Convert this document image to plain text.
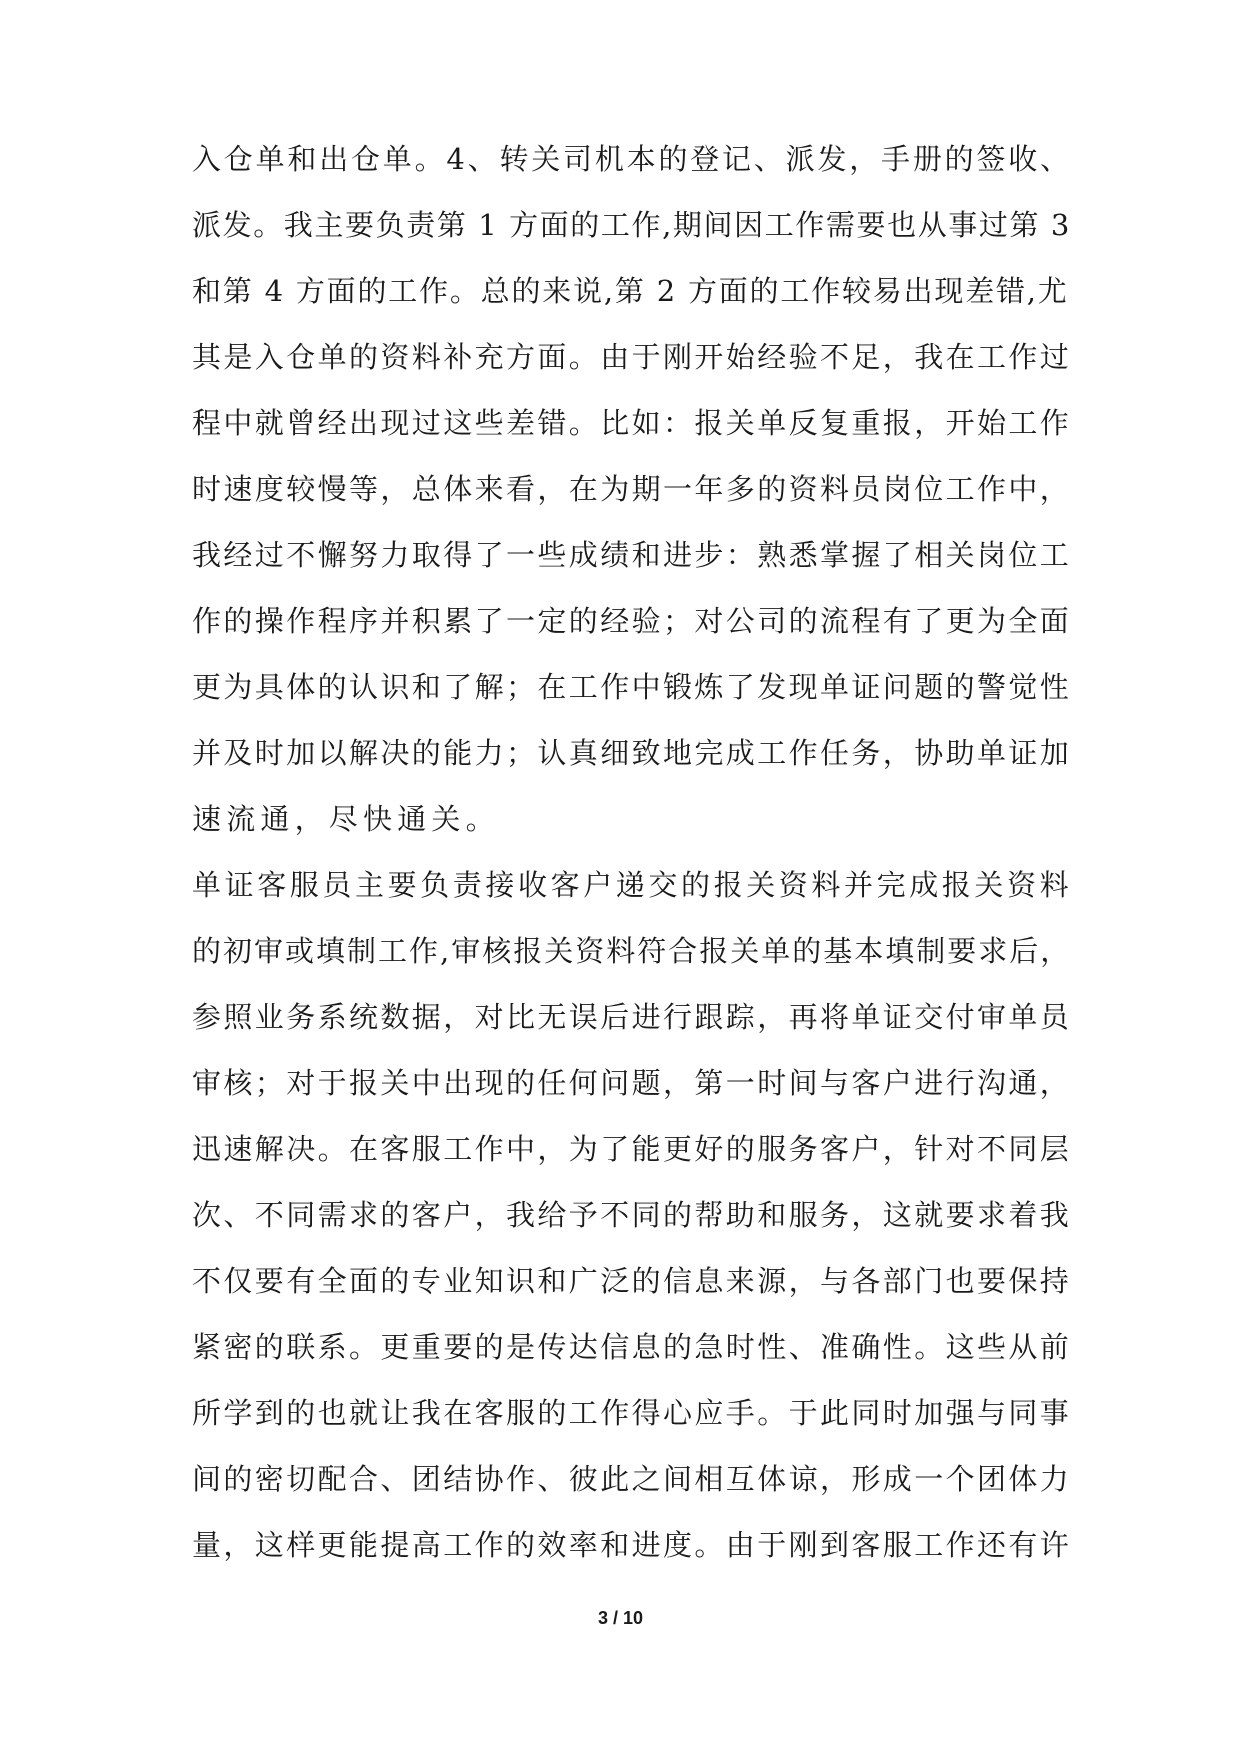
入仓单和出仓单。4、转关司机本的登记、派发，手册的签收、
派发。我主要负责第 1 方面的工作,期间因工作需要也从事过第 3
和第 4 方面的工作。总的来说,第 2 方面的工作较易出现差错,尤
其是入仓单的资料补充方面。由于刚开始经验不足，我在工作过
程中就曾经出现过这些差错。比如：报关单反复重报，开始工作
时速度较慢等，总体来看，在为期一年多的资料员岗位工作中，
我经过不懈努力取得了一些成绩和进步：熟悉掌握了相关岗位工
作的操作程序并积累了一定的经验；对公司的流程有了更为全面
更为具体的认识和了解；在工作中锻炼了发现单证问题的警觉性
并及时加以解决的能力；认真细致地完成工作任务，协助单证加
速流通，尽快通关。
单证客服员主要负责接收客户递交的报关资料并完成报关资料
的初审或填制工作,审核报关资料符合报关单的基本填制要求后，
参照业务系统数据，对比无误后进行跟踪，再将单证交付审单员
审核；对于报关中出现的任何问题，第一时间与客户进行沟通，
迅速解决。在客服工作中，为了能更好的服务客户，针对不同层
次、不同需求的客户，我给予不同的帮助和服务，这就要求着我
不仅要有全面的专业知识和广泛的信息来源，与各部门也要保持
紧密的联系。更重要的是传达信息的急时性、准确性。这些从前
所学到的也就让我在客服的工作得心应手。于此同时加强与同事
间的密切配合、团结协作、彼此之间相互体谅，形成一个团体力
量，这样更能提高工作的效率和进度。由于刚到客服工作还有许
3 / 10
